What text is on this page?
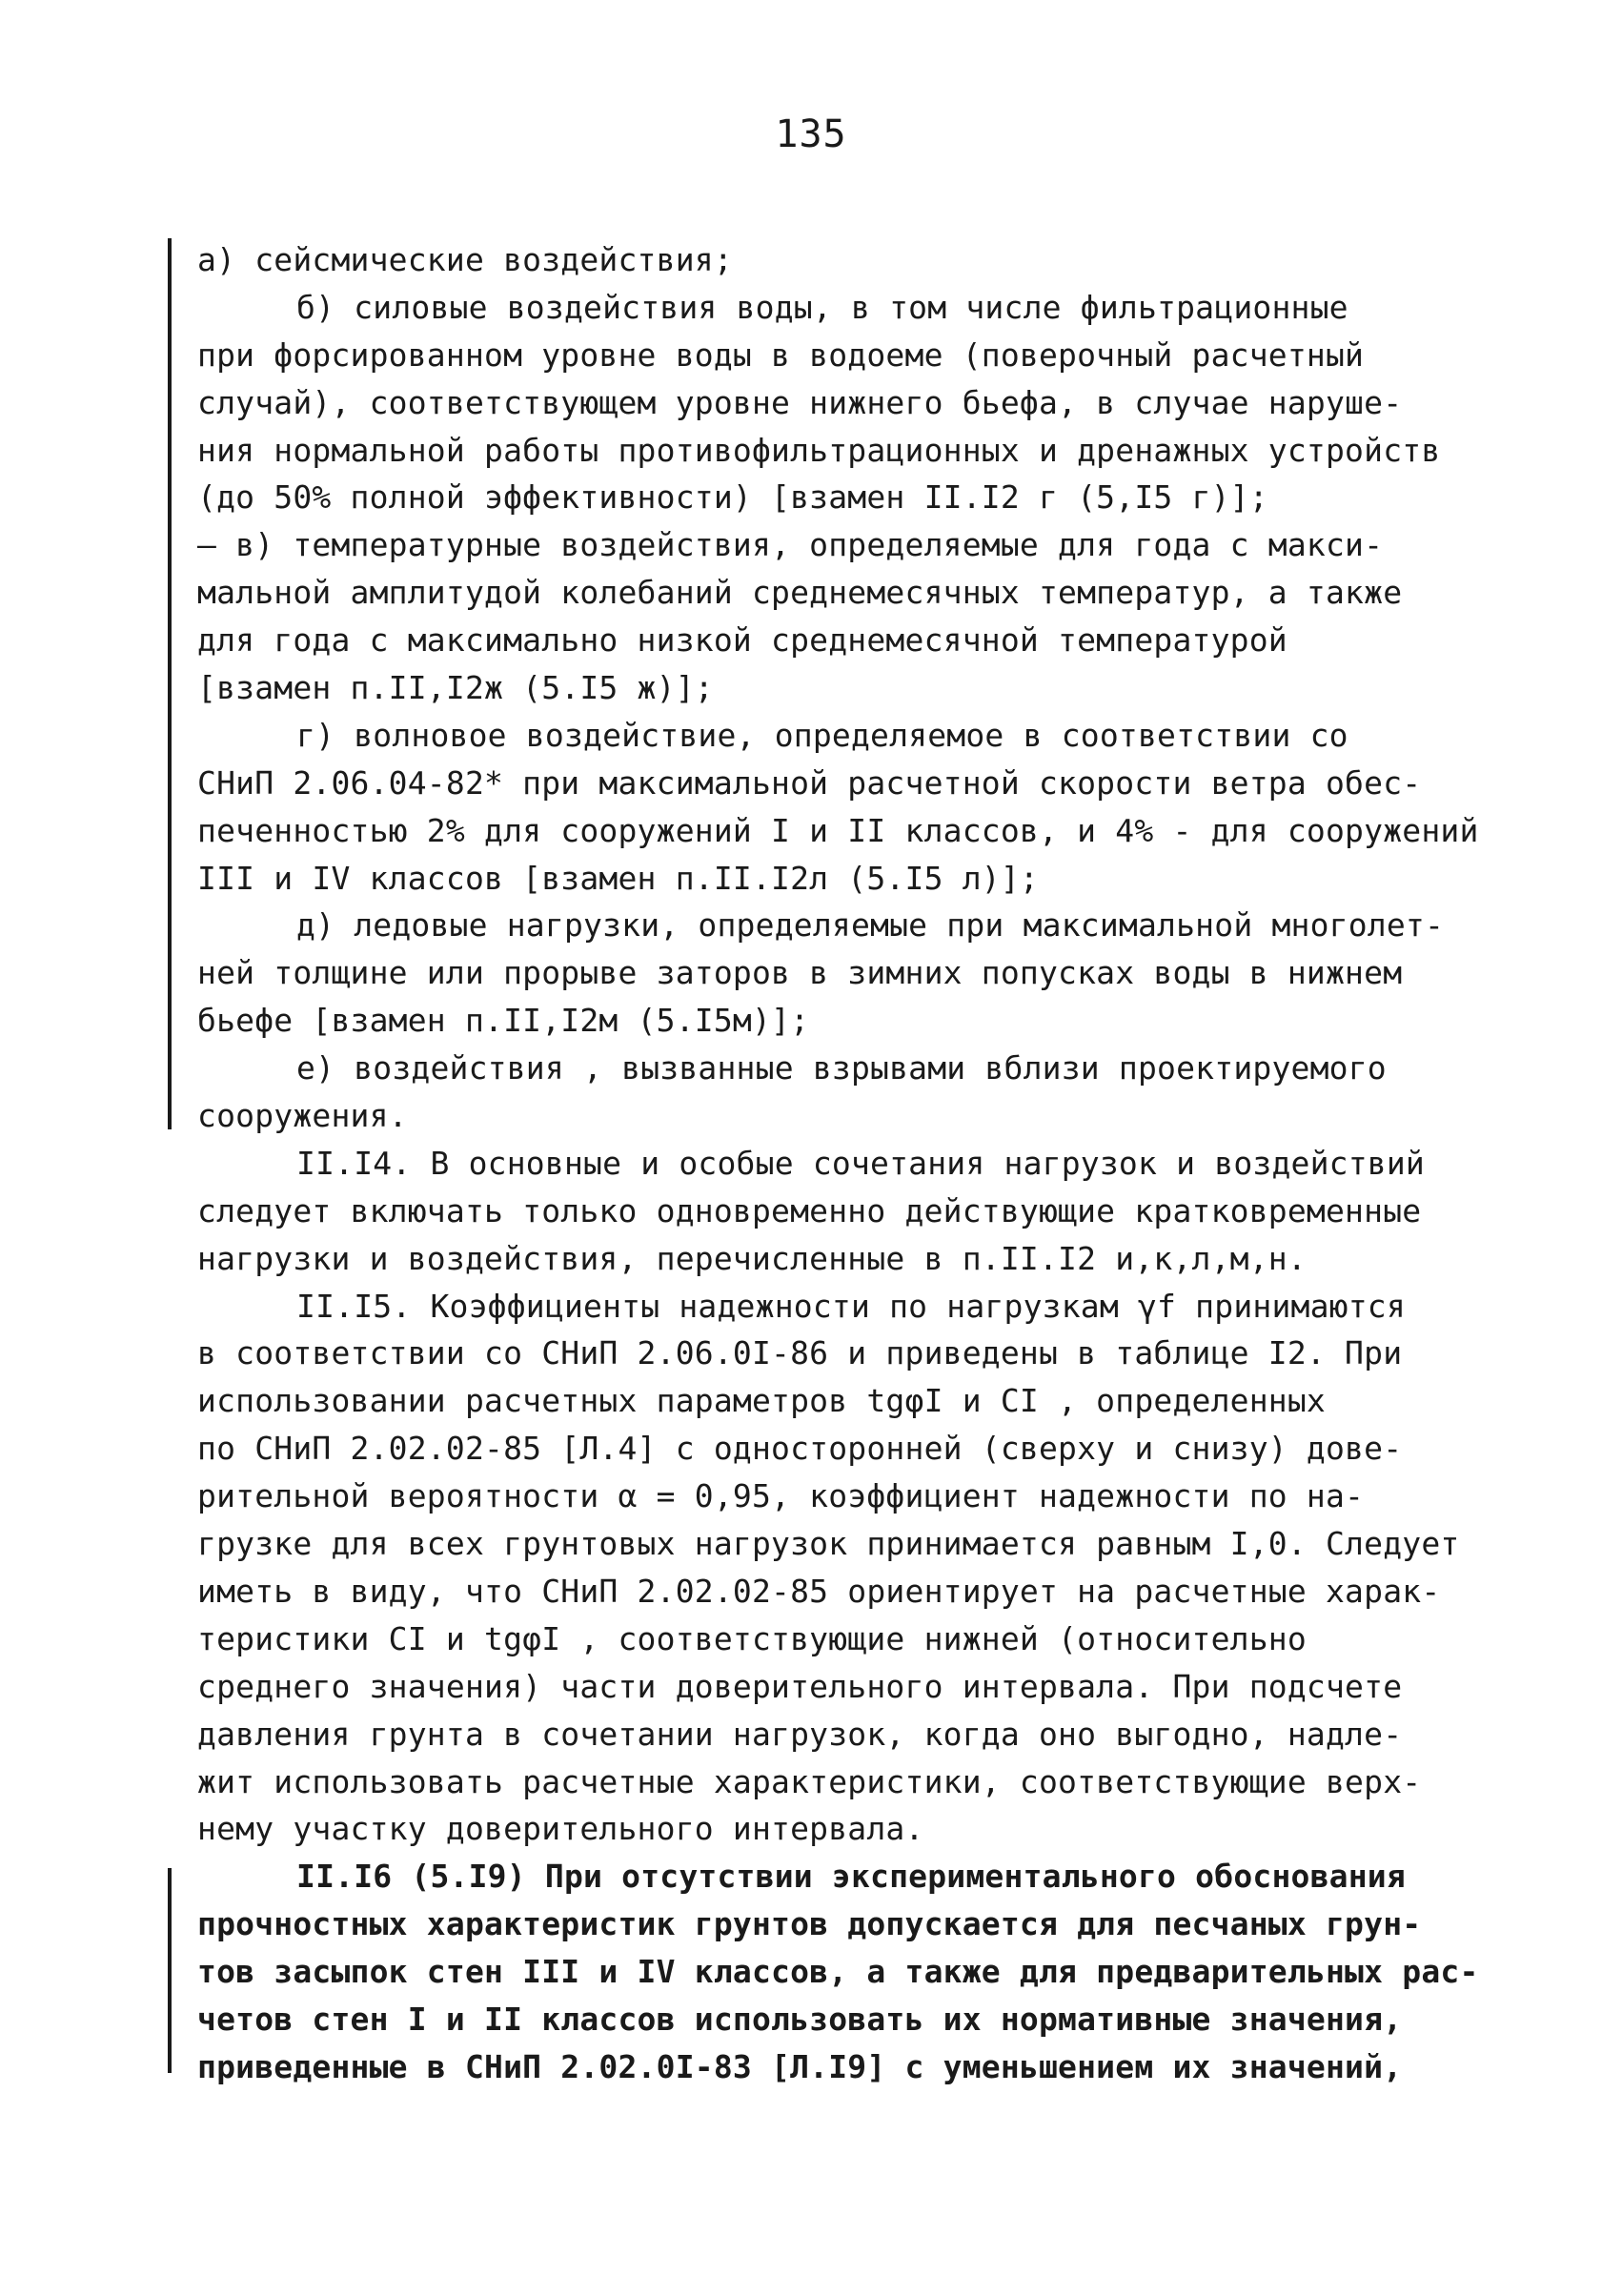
135
а) сейсмические воздействия;
б) силовые воздействия воды, в том числе фильтрационные
при форсированном уровне воды в водоеме (поверочный расчетный
случай), соответствующем уровне нижнего бьефа, в случае наруше-
ния нормальной работы противофильтрационных и дренажных устройств
(до 50% полной эффективности) [взамен II.I2 г (5,I5 г)];
– в) температурные воздействия, определяемые для года с макси-
мальной амплитудой колебаний среднемесячных температур, а также
для года с максимально низкой среднемесячной температурой
[взамен п.II,I2ж (5.I5 ж)];
г) волновое воздействие, определяемое в соответствии со
СНиП 2.06.04-82* при максимальной расчетной скорости ветра обес-
печенностью 2% для сооружений I и II классов, и 4% - для сооружений
III и IV классов [взамен п.II.I2л (5.I5 л)];
д) ледовые нагрузки, определяемые при максимальной многолет-
ней толщине или прорыве заторов в зимних попусках воды в нижнем
бьефе [взамен п.II,I2м (5.I5м)];
е) воздействия , вызванные взрывами вблизи проектируемого
сооружения.
II.I4. В основные и особые сочетания нагрузок и воздействий
следует включать только одновременно действующие кратковременные
нагрузки и воздействия, перечисленные в п.II.I2 и,к,л,м,н.
II.I5. Коэффициенты надежности по нагрузкам γf принимаются
в соответствии со СНиП 2.06.0I-86 и приведены в таблице I2. При
использовании расчетных параметров tgφI и CI , определенных
по СНиП 2.02.02-85 [Л.4] с односторонней (сверху и снизу) дове-
рительной вероятности α = 0,95, коэффициент надежности по на-
грузке для всех грунтовых нагрузок принимается равным I,0. Следует
иметь в виду, что СНиП 2.02.02-85 ориентирует на расчетные харак-
теристики CI и tgφI , соответствующие нижней (относительно
среднего значения) части доверительного интервала. При подсчете
давления грунта в сочетании нагрузок, когда оно выгодно, надле-
жит использовать расчетные характеристики, соответствующие верх-
нему участку доверительного интервала.
II.I6 (5.I9) При отсутствии экспериментального обоснования
прочностных характеристик грунтов допускается для песчаных грун-
тов засыпок стен III и IV классов, а также для предварительных рас-
четов стен I и II классов использовать их нормативные значения,
приведенные в СНиП 2.02.0I-83 [Л.I9] с уменьшением их значений,
